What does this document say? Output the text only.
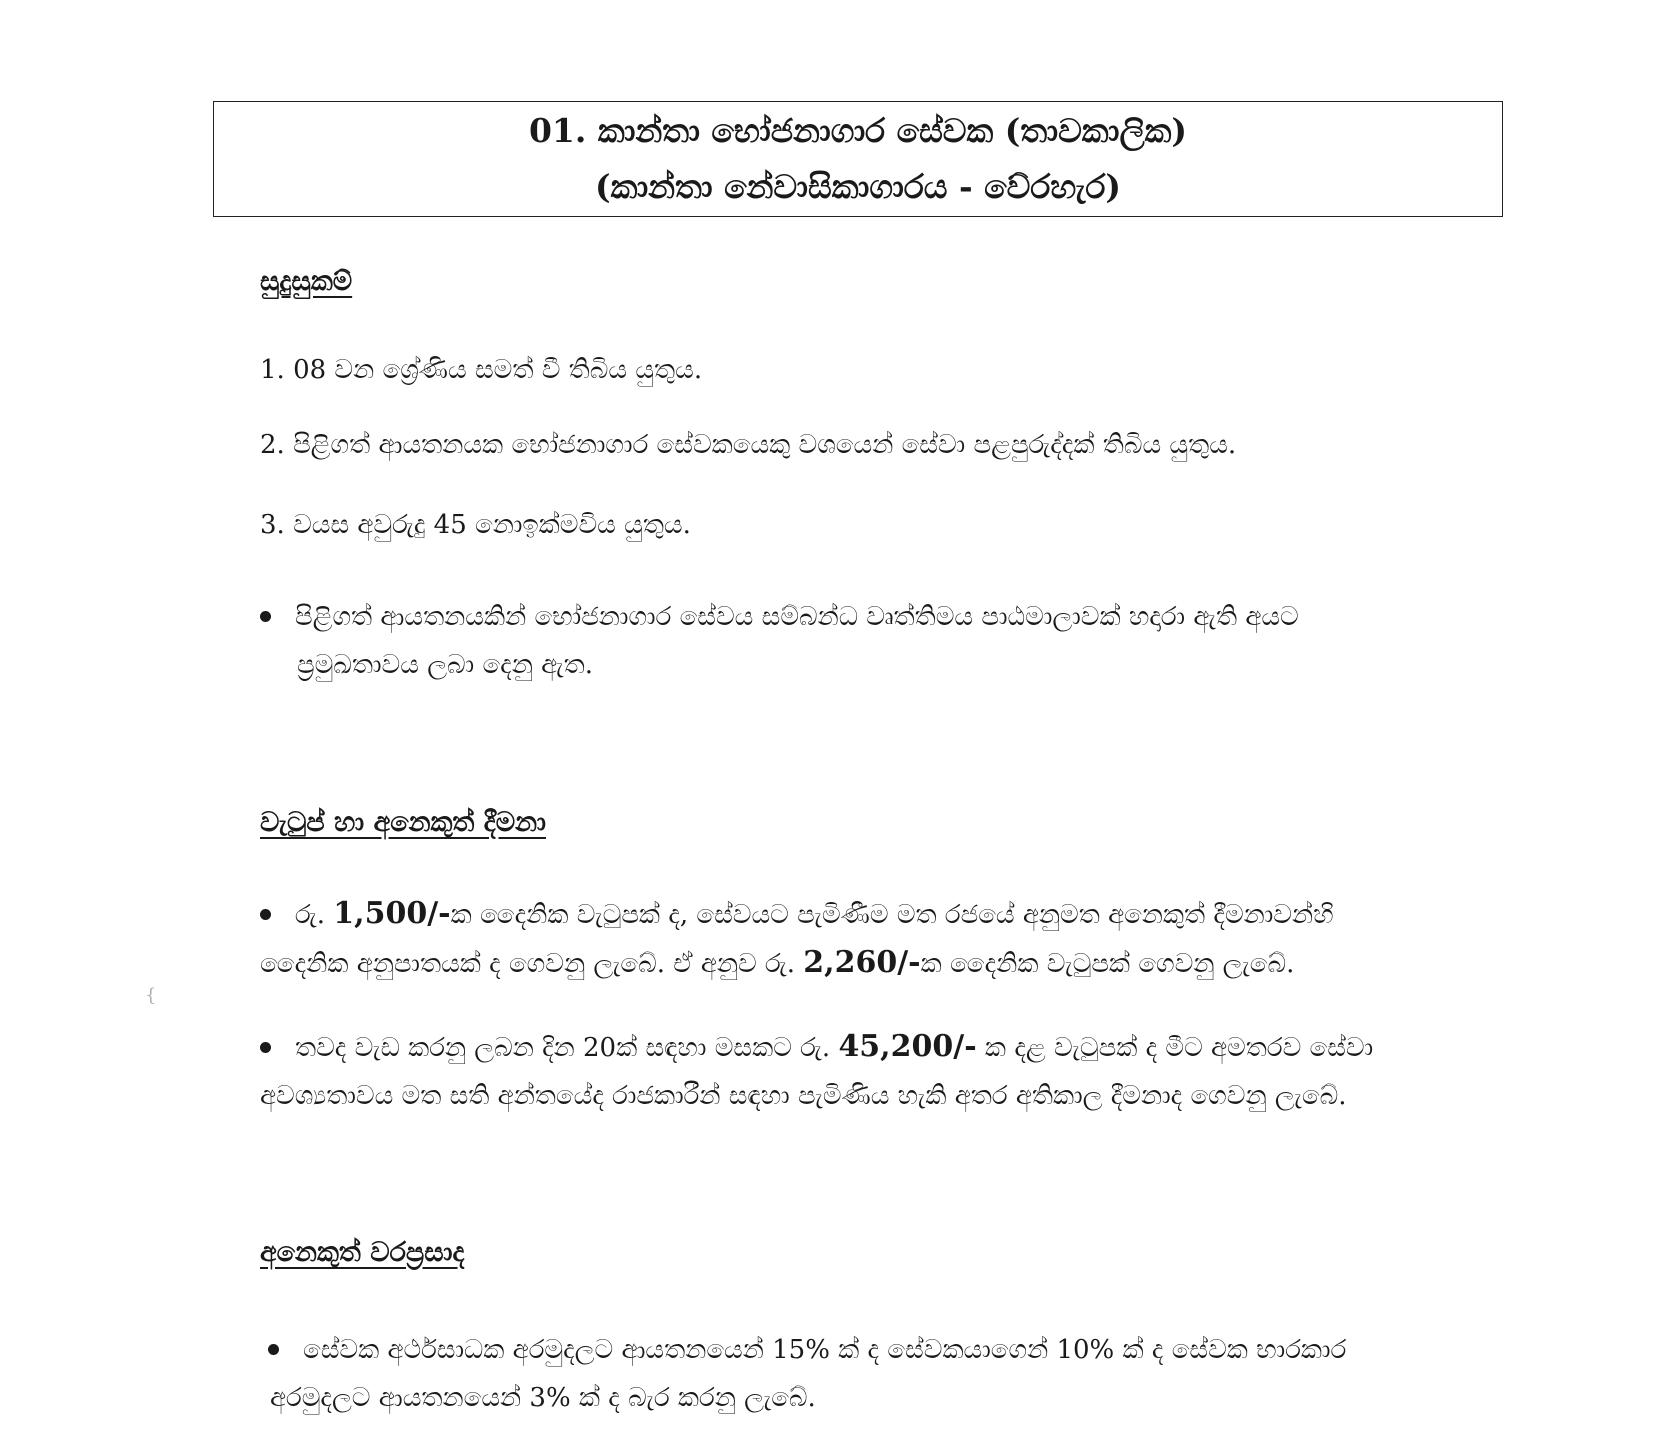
01. කාන්තා භෝජනාගාර සේවක (තාවකාලික)
(කාන්තා නේවාසිකාගාරය - වේරහැර)
සුදුසුකම්
1. 08 වන ශ්‍රේණිය සමත් වී තිබිය යුතුය.
2. පිළිගත් ආයතනයක භෝජනාගාර සේවකයෙකු වශයෙන් සේවා පළපුරුද්දක් තිබිය යුතුය.
3. වයස අවුරුදු 45 නොඉක්මවිය යුතුය.
පිළිගත් ආයතනයකින් භෝජනාගාර සේවය සම්බන්ධ වෘත්තිමය පාඨමාලාවක් හදාරා ඇති අයට
ප්‍රමුඛතාවය ලබා දෙනු ඇත.
වැටුප් හා අනෙකුත් දීමනා
රු. 1,500/-ක දෛනික වැටුපක් ද, සේවයට පැමිණීම මත රජයේ අනුමත අනෙකුත් දීමනාවන්හි
දෛනික අනුපාතයක් ද ගෙවනු ලැබේ. ඒ අනුව රු. 2,260/-ක දෛනික වැටුපක් ගෙවනු ලැබේ.
තවද වැඩ කරනු ලබන දින 20ක් සඳහා මසකට රු. 45,200/- ක දළ වැටුපක් ද මීට අමතරව සේවා
අවශ්‍යතාවය මත සති අන්තයේද රාජකාරීන් සඳහා පැමිණිය හැකි අතර අතිකාල දීමනාද ගෙවනු ලැබේ.
අනෙකුත් වරප්‍රසාද
සේවක අර්ථසාධක අරමුදලට ආයතනයෙන් 15% ක් ද සේවකයාගෙන් 10% ක් ද සේවක භාරකාර
අරමුදලට ආයතනයෙන් 3% ක් ද බැර කරනු ලැබේ.
{
